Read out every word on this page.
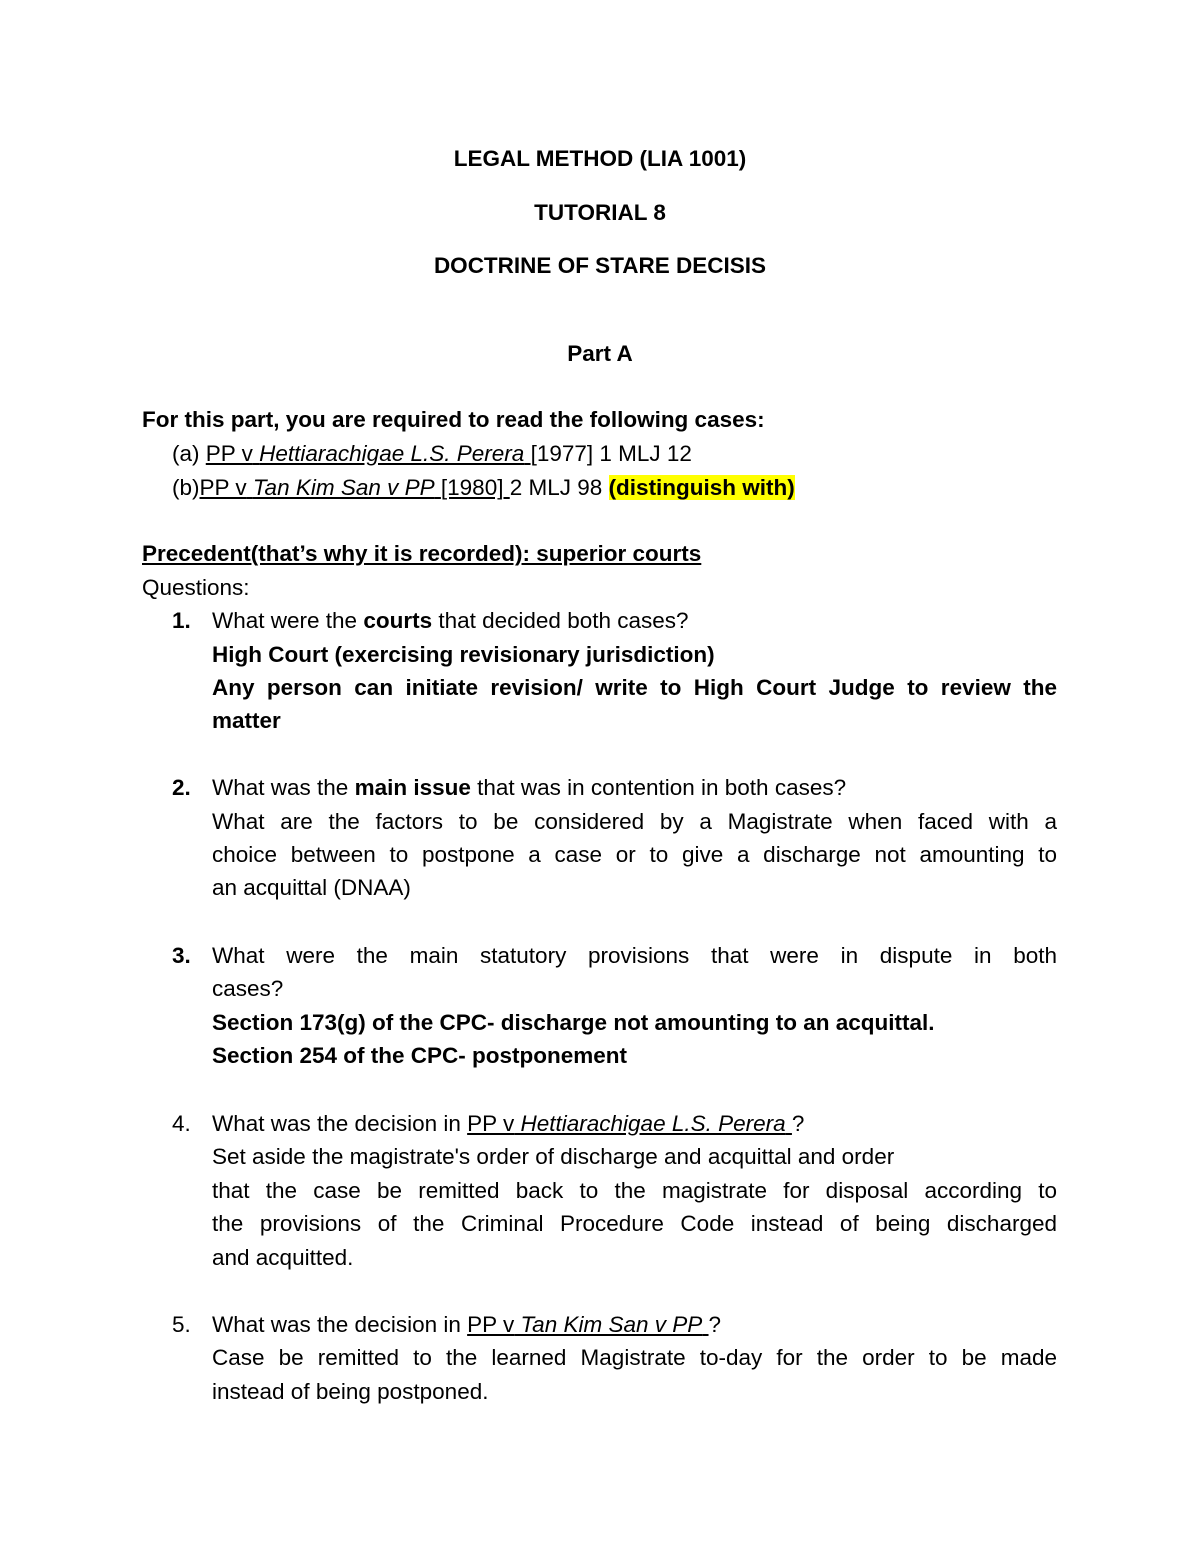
LEGAL METHOD (LIA 1001)
TUTORIAL 8
DOCTRINE OF STARE DECISIS
Part A
For this part, you are required to read the following cases:
(a) PP v Hettiarachigae L.S. Perera [1977] 1 MLJ 12
(b)PP v Tan Kim San v PP [1980] 2 MLJ 98 (distinguish with)
Precedent(that’s why it is recorded): superior courts
Questions:
1. What were the courts that decided both cases?
High Court (exercising revisionary jurisdiction)
Any person can initiate revision/ write to High Court Judge to review the
matter
2. What was the main issue that was in contention in both cases?
What are the factors to be considered by a Magistrate when faced with a
choice between to postpone a case or to give a discharge not amounting to
an acquittal (DNAA)
3. What were the main statutory provisions that were in dispute in both
cases?
Section 173(g) of the CPC- discharge not amounting to an acquittal.
Section 254 of the CPC- postponement
4. What was the decision in PP v Hettiarachigae L.S. Perera ?
Set aside the magistrate's order of discharge and acquittal and order
that the case be remitted back to the magistrate for disposal according to
the provisions of the Criminal Procedure Code instead of being discharged
and acquitted.
5. What was the decision in PP v Tan Kim San v PP ?
Case be remitted to the learned Magistrate to-day for the order to be made
instead of being postponed.
